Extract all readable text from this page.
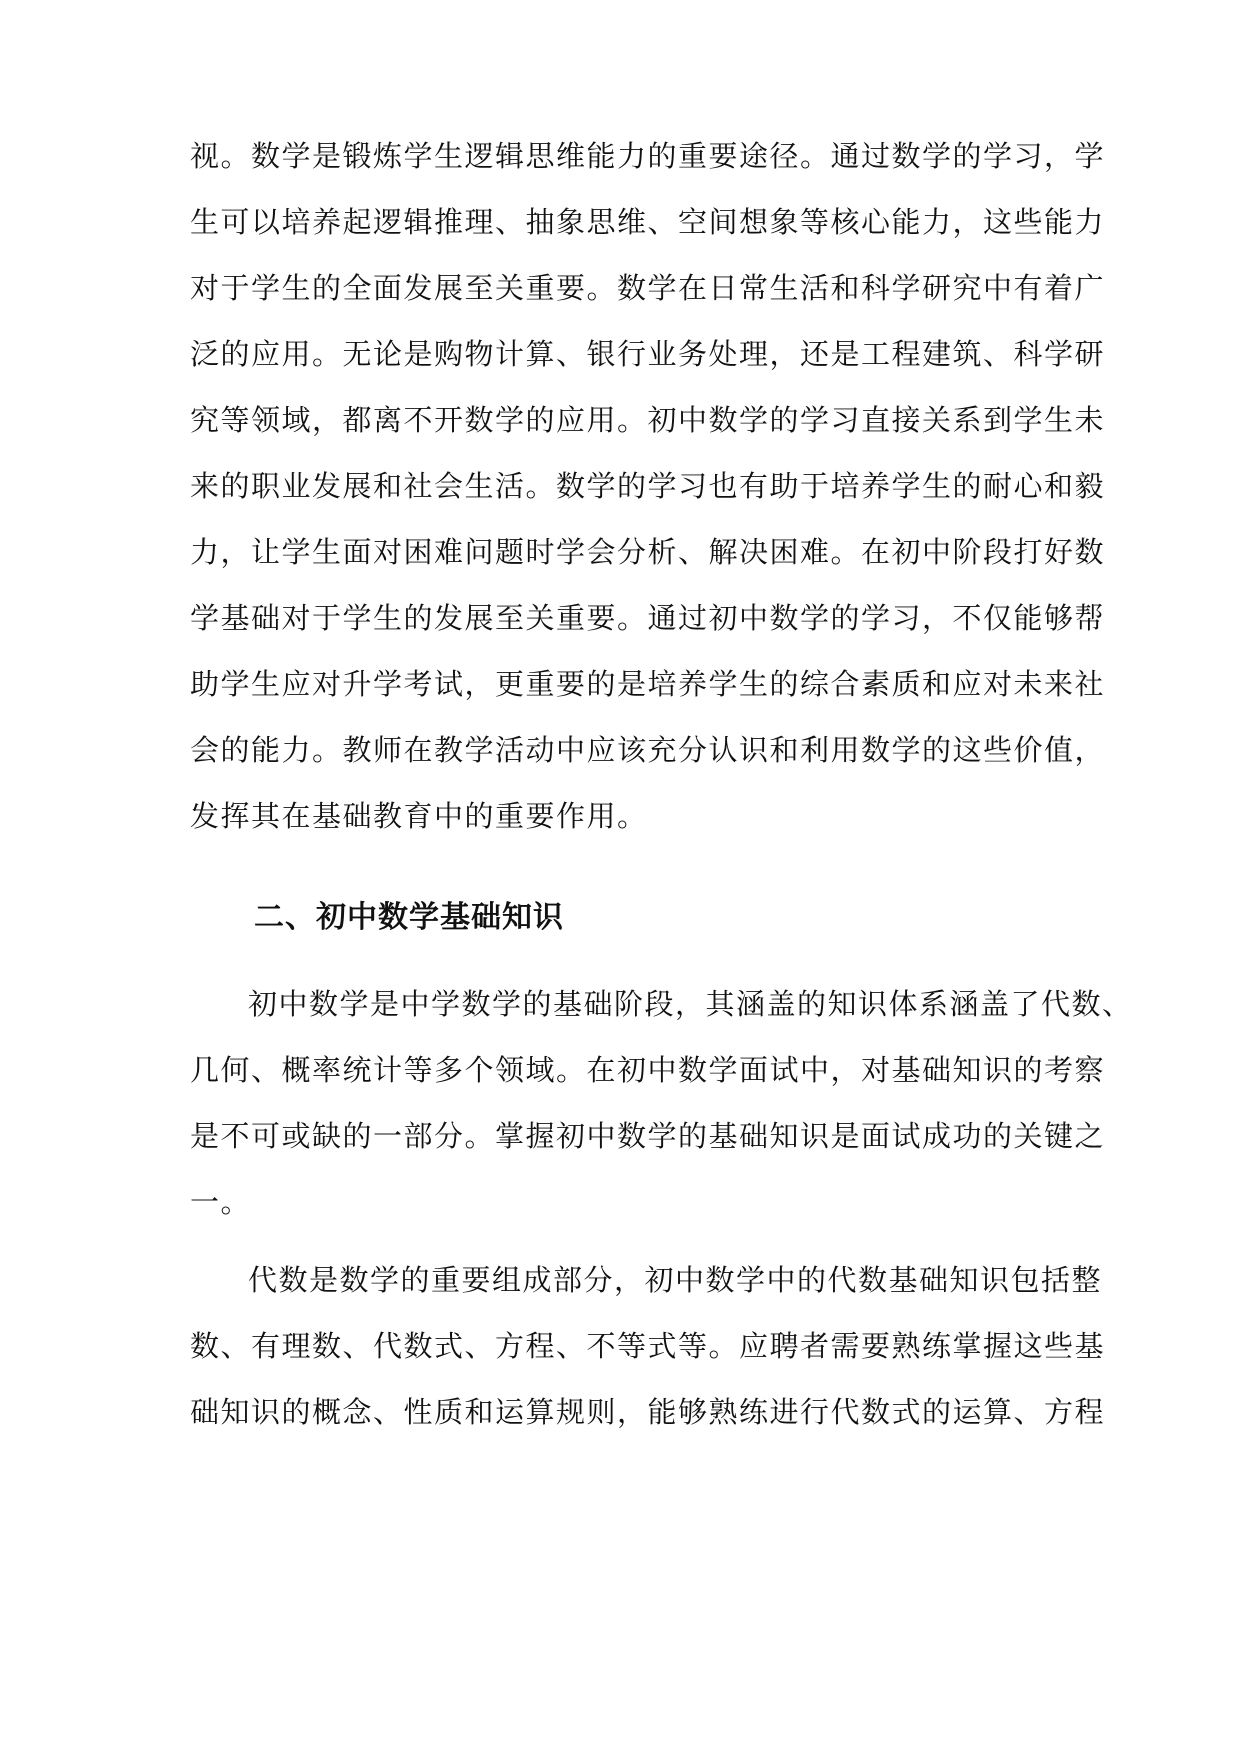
视。数学是锻炼学生逻辑思维能力的重要途径。通过数学的学习，学
生可以培养起逻辑推理、抽象思维、空间想象等核心能力，这些能力
对于学生的全面发展至关重要。数学在日常生活和科学研究中有着广
泛的应用。无论是购物计算、银行业务处理，还是工程建筑、科学研
究等领域，都离不开数学的应用。初中数学的学习直接关系到学生未
来的职业发展和社会生活。数学的学习也有助于培养学生的耐心和毅
力，让学生面对困难问题时学会分析、解决困难。在初中阶段打好数
学基础对于学生的发展至关重要。通过初中数学的学习，不仅能够帮
助学生应对升学考试，更重要的是培养学生的综合素质和应对未来社
会的能力。教师在教学活动中应该充分认识和利用数学的这些价值，
发挥其在基础教育中的重要作用。
二、初中数学基础知识
初中数学是中学数学的基础阶段，其涵盖的知识体系涵盖了代数、
几何、概率统计等多个领域。在初中数学面试中，对基础知识的考察
是不可或缺的一部分。掌握初中数学的基础知识是面试成功的关键之
一。
代数是数学的重要组成部分，初中数学中的代数基础知识包括整
数、有理数、代数式、方程、不等式等。应聘者需要熟练掌握这些基
础知识的概念、性质和运算规则，能够熟练进行代数式的运算、方程
